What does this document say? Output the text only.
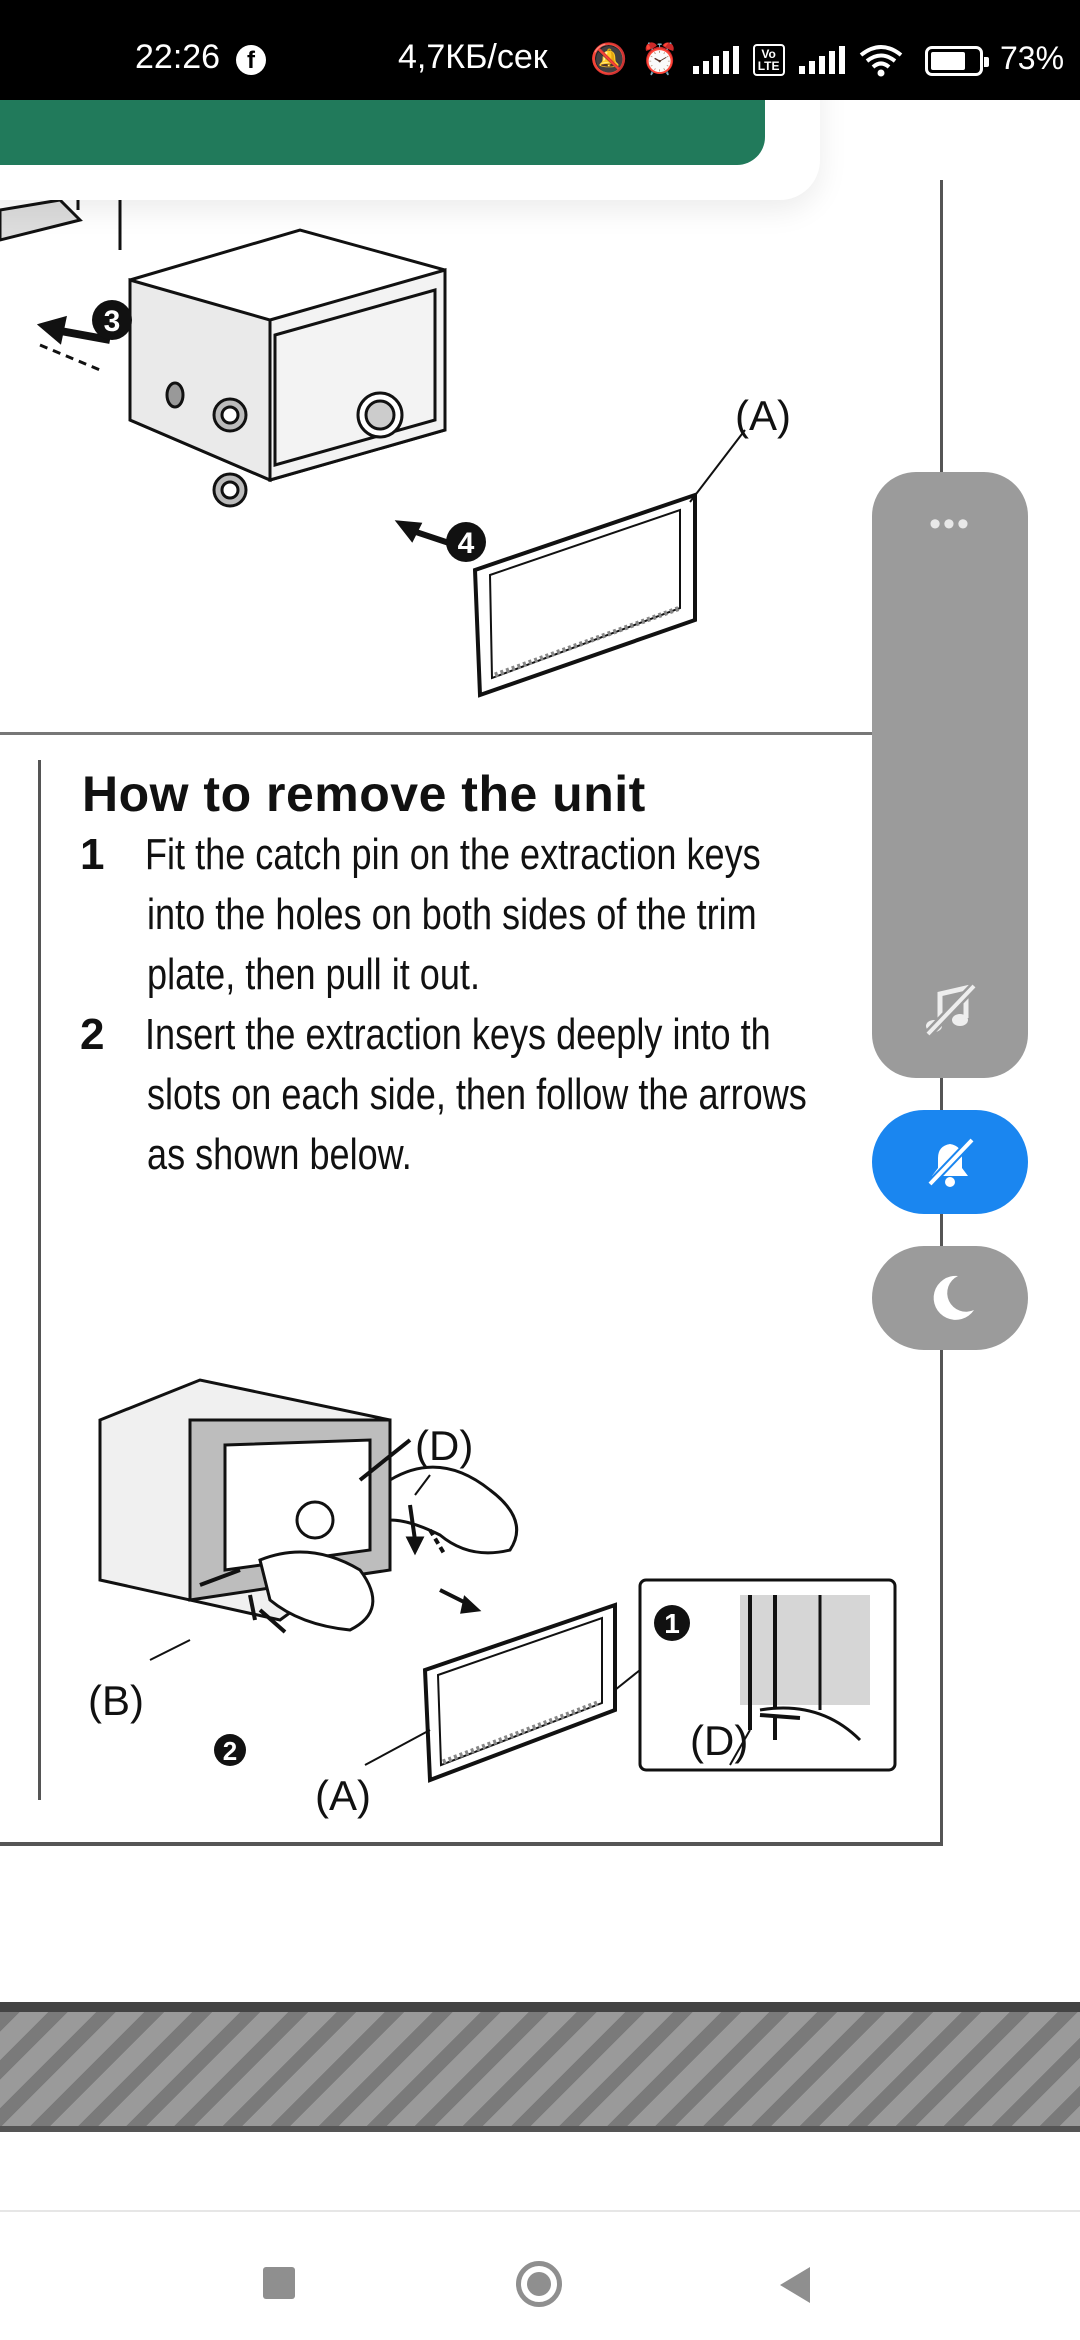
22:26	f	4,7КБ/сек 🔕 ⏰	Vo
LTE	73%
3
4
(A)
How to remove the unit
1 Fit the catch pin on the extraction keys
into the holes on both sides of the trim
plate, then pull it out.
2 Insert the extraction keys deeply into th
slots on each side, then follow the arrows
as shown below.
1
2
(D)
(B)
(A)
(D)
•••
